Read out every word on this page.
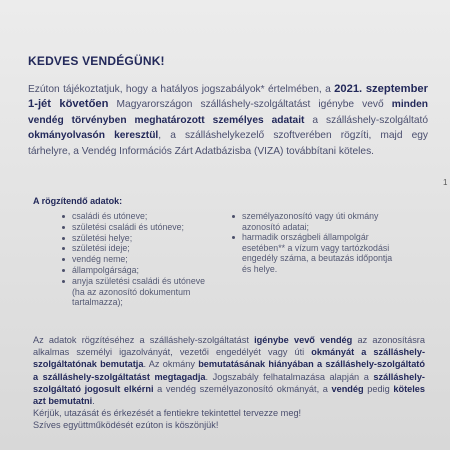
KEDVES VENDÉGÜNK!
Ezúton tájékoztatjuk, hogy a hatályos jogszabályok* értelmében, a 2021. szeptember 1-jét követően Magyarországon szálláshely-szolgáltatást igénybe vevő minden vendég törvényben meghatározott személyes adatait a szálláshely-szolgáltató okmányolvasón keresztül, a szálláshelykezelő szoftverében rögzíti, majd egy tárhelyre, a Vendég Információs Zárt Adatbázisba (VIZA) továbbítani köteles.
1
A rögzítendő adatok:
családi és utóneve;
születési családi és utóneve;
születési helye;
születési ideje;
vendég neme;
állampolgársága;
anyja születési családi és utóneve
(ha az azonosító dokumentum tartalmazza);
személyazonosító vagy úti okmány azonosító adatai;
harmadik országbeli állampolgár esetében** a vízum vagy tartózkodási engedély száma, a beutazás időpontja és helye.
Az adatok rögzítéséhez a szálláshely-szolgáltatást igénybe vevő vendég az azonosításra alkalmas személyi igazolványát, vezetői engedélyét vagy úti okmányát a szálláshely-szolgáltatónak bemutatja. Az okmány bemutatásának hiányában a szálláshely-szolgáltató a szálláshely-szolgáltatást megtagadja. Jogszabály felhatalmazása alapján a szálláshely-szolgáltató jogosult elkérni a vendég személyazonosító okmányát, a vendég pedig köteles azt bemutatni.
Kérjük, utazását és érkezését a fentiekre tekintettel tervezze meg!
Szíves együttműködését ezúton is köszönjük!
